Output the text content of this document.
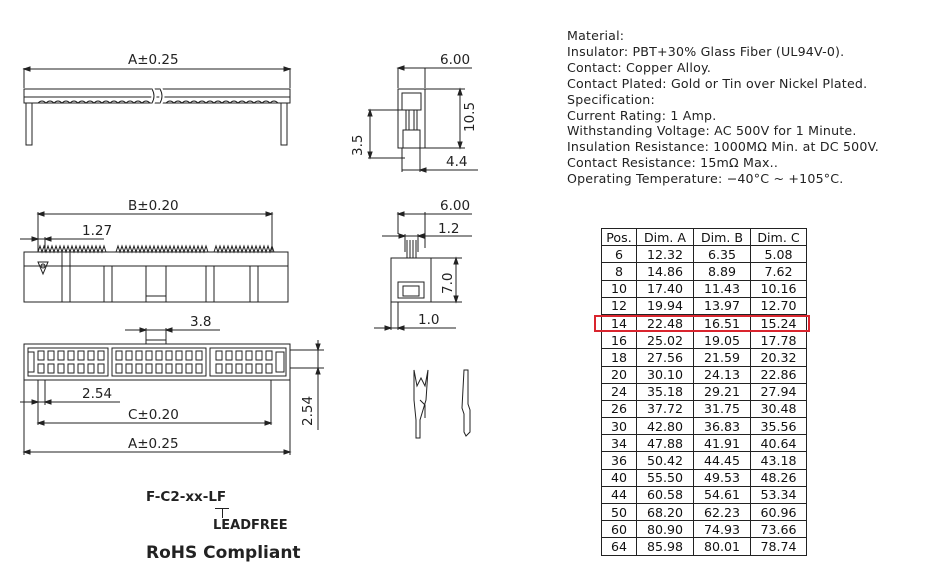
A±0.25	6.00
10.5
3.5
4.4
B±0.20
1.27
6.00
1.2
7.0
1.0
3.8
2.54
C±0.20
A±0.25
2.54
Material:
Insulator: PBT+30% Glass Fiber (UL94V-0).
Contact: Copper Alloy.
Contact Plated: Gold or Tin over Nickel Plated.
Specification:
Current Rating: 1 Amp.
Withstanding Voltage: AC 500V for 1 Minute.
Insulation Resistance: 1000MΩ Min. at DC 500V.
Contact Resistance: 15mΩ Max..
Operating Temperature: −40°C ~ +105°C.
Pos.	Dim. A	Dim. B	Dim. C
6	12.32	6.35	5.08
8	14.86	8.89	7.62
10	17.40	11.43	10.16
12	19.94	13.97	12.70
14	22.48	16.51	15.24
16	25.02	19.05	17.78
18	27.56	21.59	20.32
20	30.10	24.13	22.86
24	35.18	29.21	27.94
26	37.72	31.75	30.48
30	42.80	36.83	35.56
34	47.88	41.91	40.64
36	50.42	44.45	43.18
40	55.50	49.53	48.26
44	60.58	54.61	53.34
50	68.20	62.23	60.96
60	80.90	74.93	73.66
64	85.98	80.01	78.74
F-C2-xx-LF
LEADFREE
RoHS Compliant
